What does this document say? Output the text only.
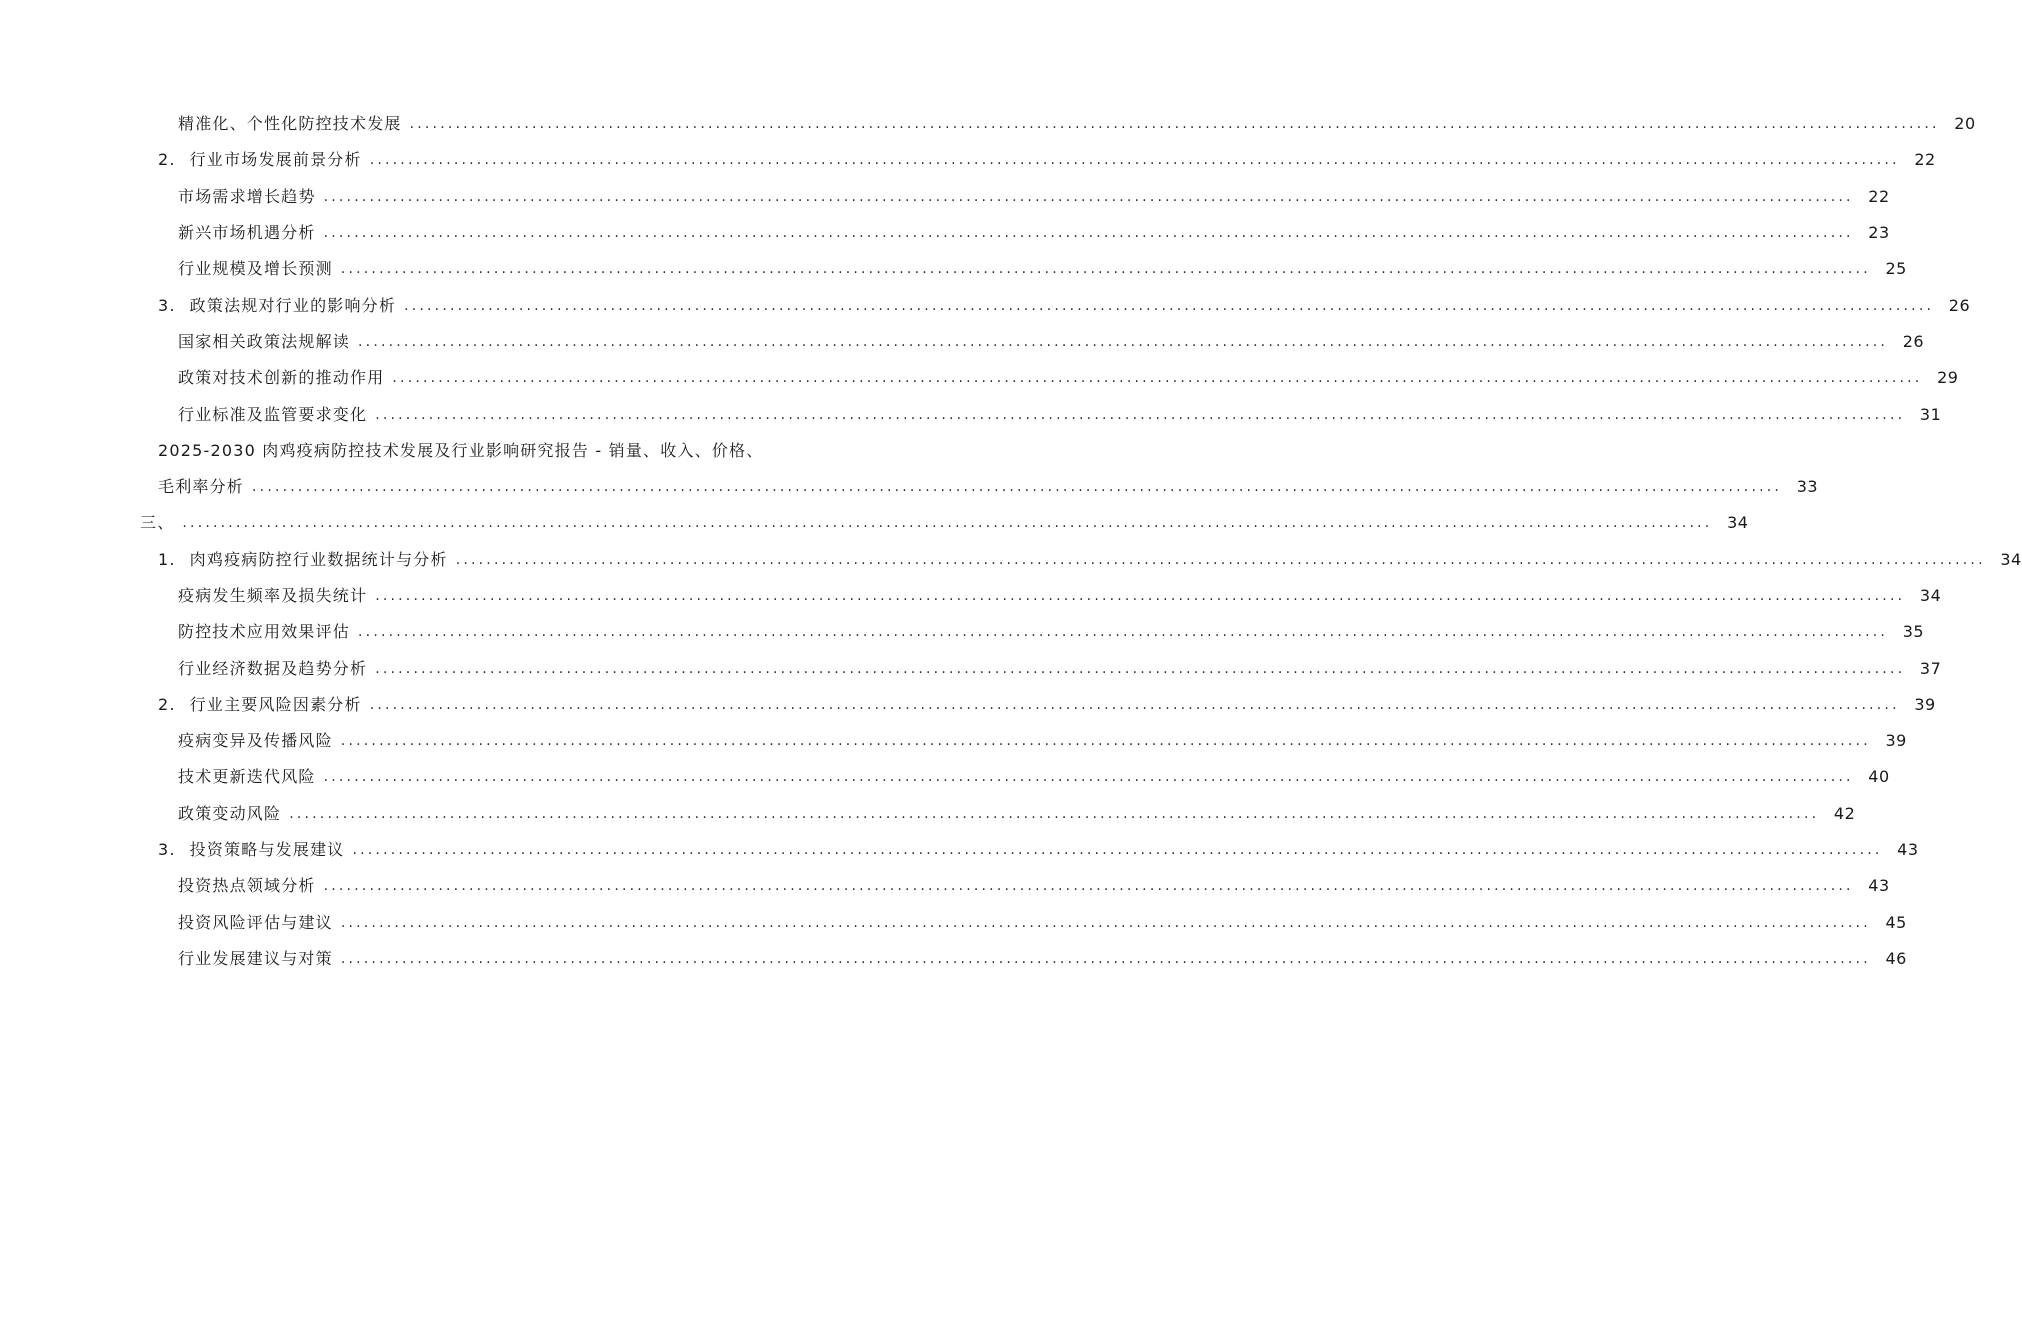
精准化、个性化防控技术发展 ........................................................................................................................................................................................................ 20
2. 行业市场发展前景分析 ........................................................................................................................................................................................................ 22
市场需求增长趋势 ........................................................................................................................................................................................................ 22
新兴市场机遇分析 ........................................................................................................................................................................................................ 23
行业规模及增长预测 ........................................................................................................................................................................................................ 25
3. 政策法规对行业的影响分析 ........................................................................................................................................................................................................ 26
国家相关政策法规解读 ........................................................................................................................................................................................................ 26
政策对技术创新的推动作用 ........................................................................................................................................................................................................ 29
行业标准及监管要求变化 ........................................................................................................................................................................................................ 31
2025-2030 肉鸡疫病防控技术发展及行业影响研究报告 - 销量、收入、价格、
毛利率分析 ........................................................................................................................................................................................................ 33
三、 ........................................................................................................................................................................................................ 34
1. 肉鸡疫病防控行业数据统计与分析 ........................................................................................................................................................................................................ 34
疫病发生频率及损失统计 ........................................................................................................................................................................................................ 34
防控技术应用效果评估 ........................................................................................................................................................................................................ 35
行业经济数据及趋势分析 ........................................................................................................................................................................................................ 37
2. 行业主要风险因素分析 ........................................................................................................................................................................................................ 39
疫病变异及传播风险 ........................................................................................................................................................................................................ 39
技术更新迭代风险 ........................................................................................................................................................................................................ 40
政策变动风险 ........................................................................................................................................................................................................ 42
3. 投资策略与发展建议 ........................................................................................................................................................................................................ 43
投资热点领域分析 ........................................................................................................................................................................................................ 43
投资风险评估与建议 ........................................................................................................................................................................................................ 45
行业发展建议与对策 ........................................................................................................................................................................................................ 46
